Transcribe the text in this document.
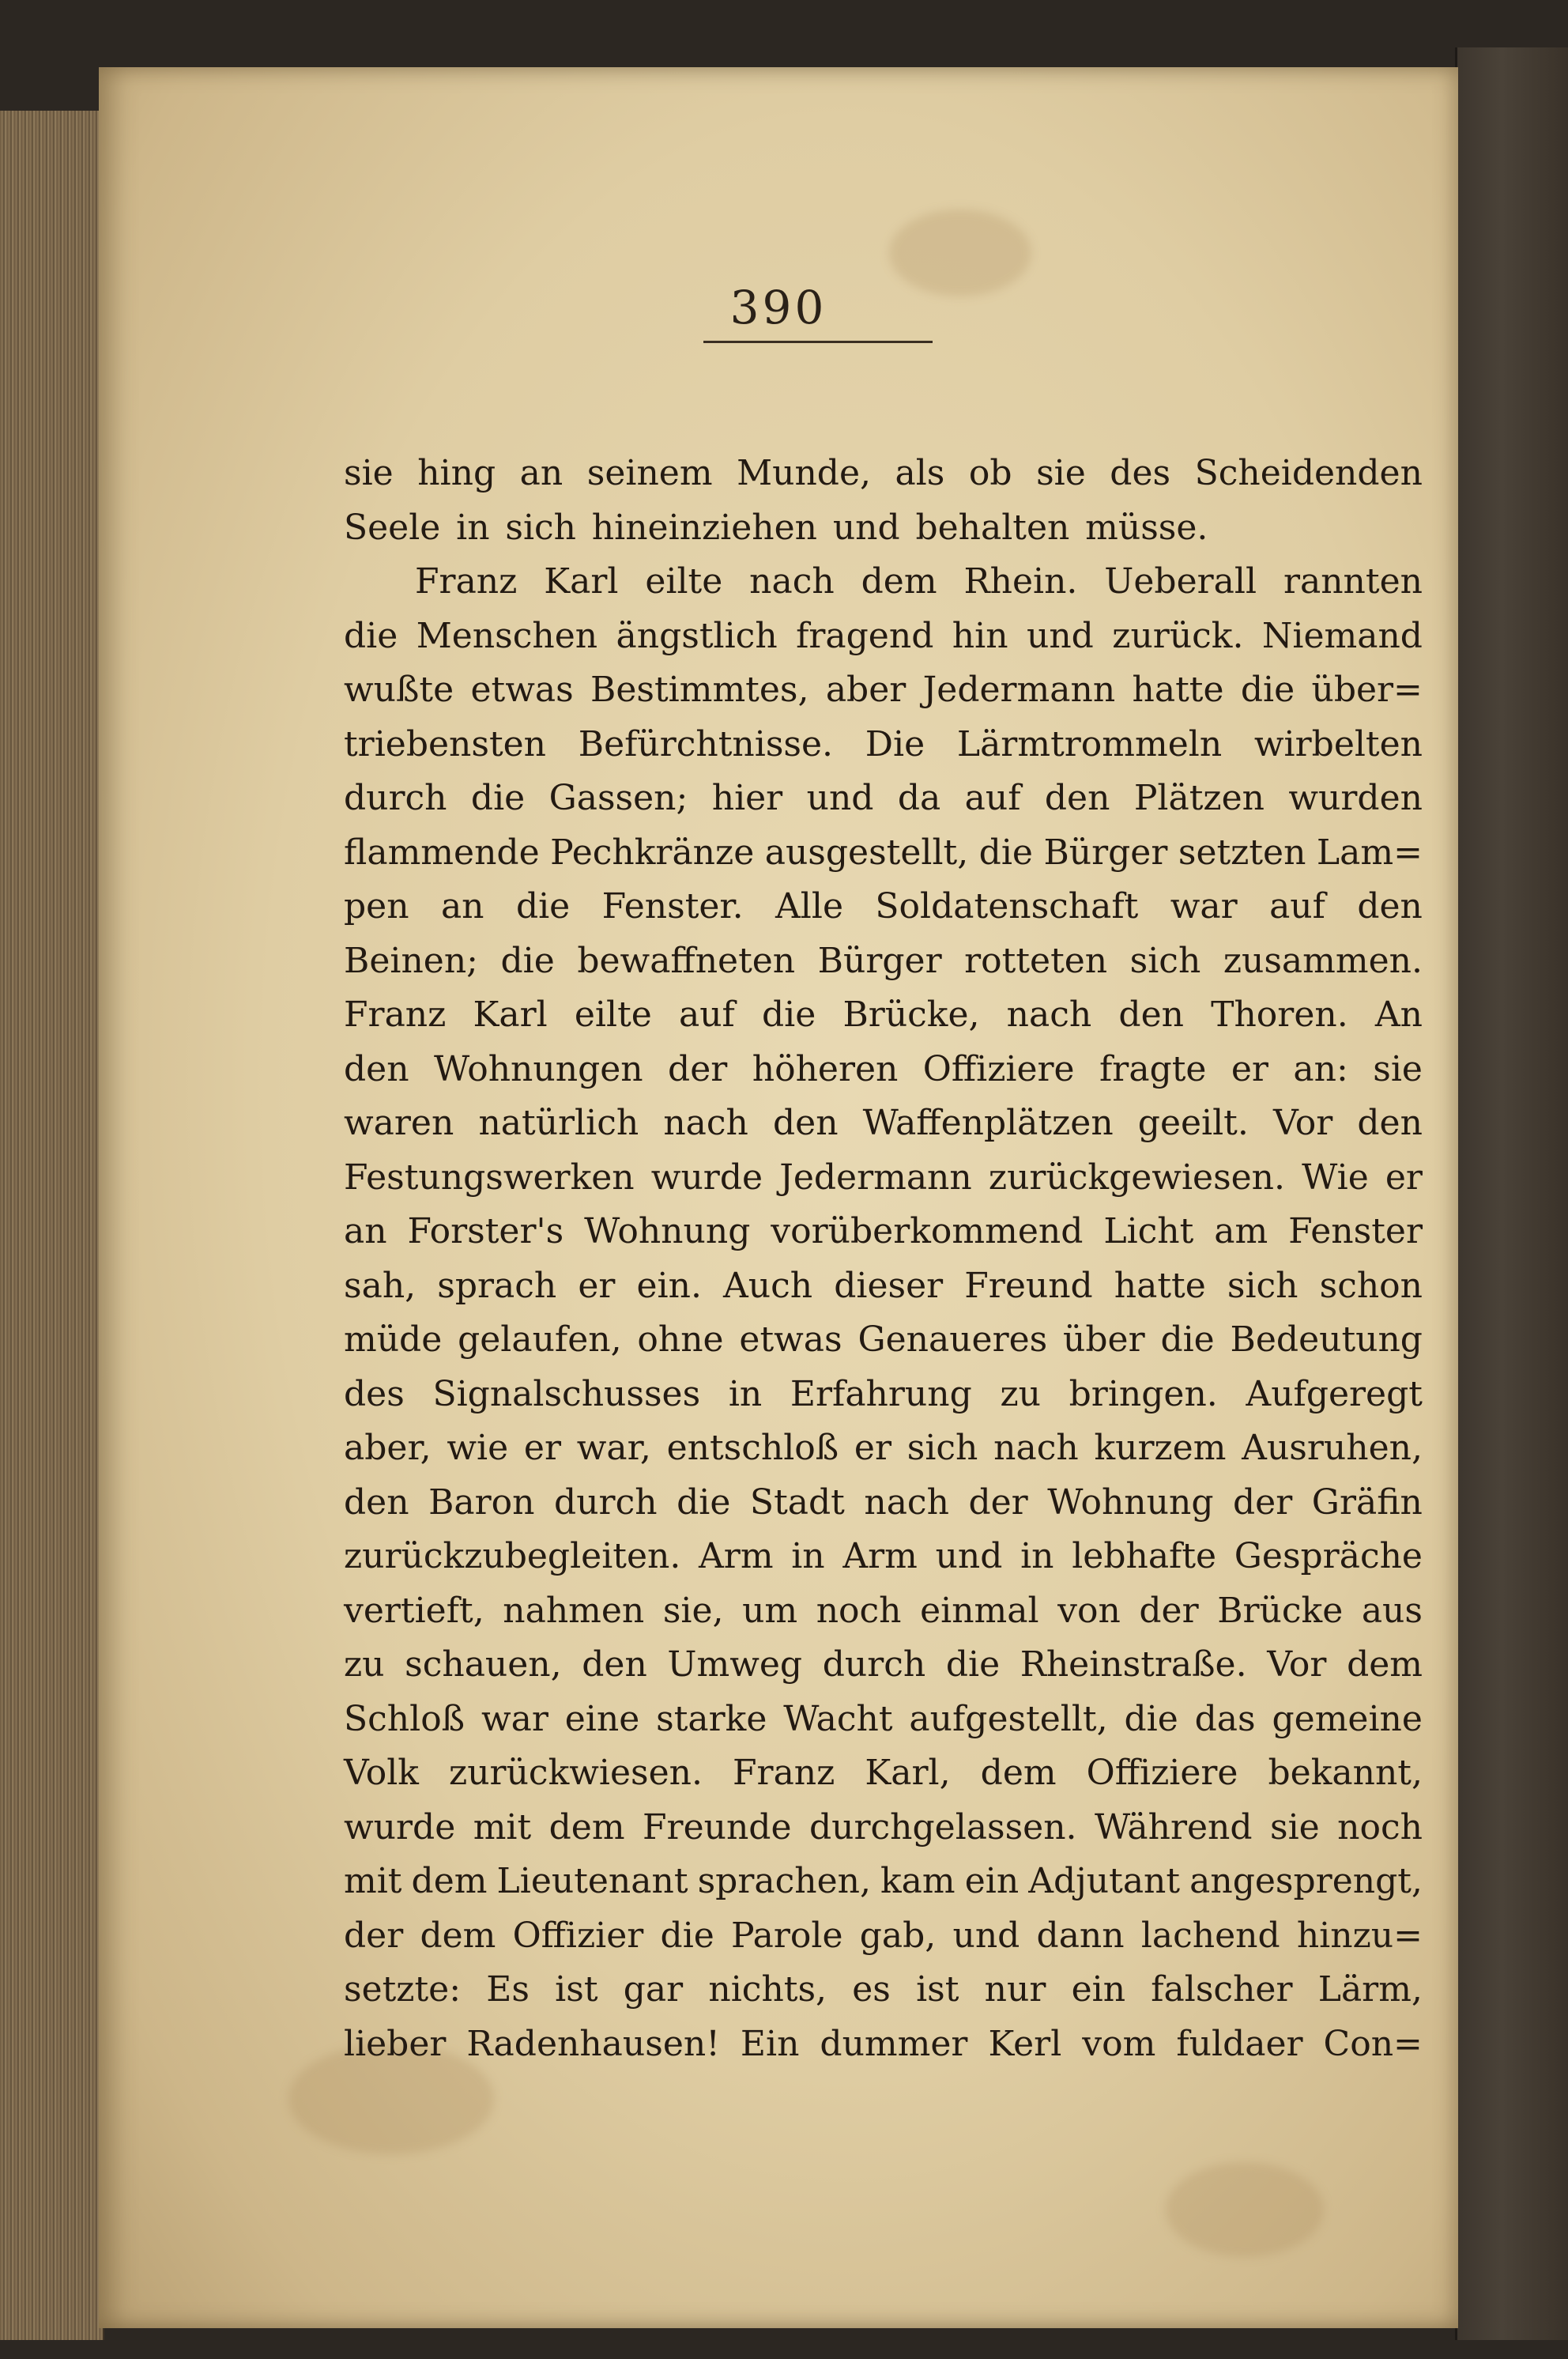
390
sie hing an seinem Munde, als ob sie des Scheidenden
Seele in sich hineinziehen und behalten müsse.
Franz Karl eilte nach dem Rhein. Ueberall rannten
die Menschen ängstlich fragend hin und zurück. Niemand
wußte etwas Bestimmtes, aber Jedermann hatte die über=
triebensten Befürchtnisse. Die Lärmtrommeln wirbelten
durch die Gassen; hier und da auf den Plätzen wurden
flammende Pechkränze ausgestellt, die Bürger setzten Lam=
pen an die Fenster. Alle Soldatenschaft war auf den
Beinen; die bewaffneten Bürger rotteten sich zusammen.
Franz Karl eilte auf die Brücke, nach den Thoren. An
den Wohnungen der höheren Offiziere fragte er an: sie
waren natürlich nach den Waffenplätzen geeilt. Vor den
Festungswerken wurde Jedermann zurückgewiesen. Wie er
an Forster's Wohnung vorüberkommend Licht am Fenster
sah, sprach er ein. Auch dieser Freund hatte sich schon
müde gelaufen, ohne etwas Genaueres über die Bedeutung
des Signalschusses in Erfahrung zu bringen. Aufgeregt
aber, wie er war, entschloß er sich nach kurzem Ausruhen,
den Baron durch die Stadt nach der Wohnung der Gräfin
zurückzubegleiten. Arm in Arm und in lebhafte Gespräche
vertieft, nahmen sie, um noch einmal von der Brücke aus
zu schauen, den Umweg durch die Rheinstraße. Vor dem
Schloß war eine starke Wacht aufgestellt, die das gemeine
Volk zurückwiesen. Franz Karl, dem Offiziere bekannt,
wurde mit dem Freunde durchgelassen. Während sie noch
mit dem Lieutenant sprachen, kam ein Adjutant angesprengt,
der dem Offizier die Parole gab, und dann lachend hinzu=
setzte: Es ist gar nichts, es ist nur ein falscher Lärm,
lieber Radenhausen! Ein dummer Kerl vom fuldaer Con=
